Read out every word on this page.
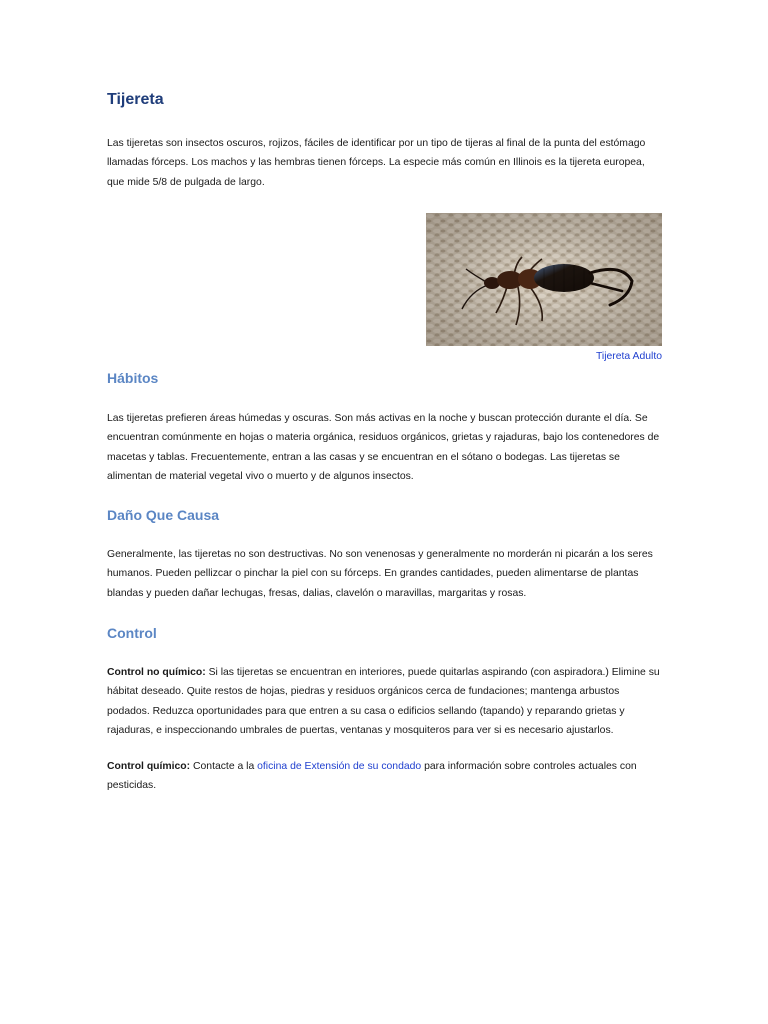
Tijereta

Las tijeretas son insectos oscuros, rojizos, fáciles de identificar por un tipo de tijeras al final de la punta del estómago llamadas fórceps. Los machos y las hembras tienen fórceps. La especie más común en Illinois es la tijereta europea, que mide 5/8 de pulgada de largo.

Tijereta Adulto
Hábitos

Las tijeretas prefieren áreas húmedas y oscuras. Son más activas en la noche y buscan protección durante el día. Se encuentran comúnmente en hojas o materia orgánica, residuos orgánicos, grietas y rajaduras, bajo los contenedores de macetas y tablas. Frecuentemente, entran a las casas y se encuentran en el sótano o bodegas. Las tijeretas se alimentan de material vegetal vivo o muerto y de algunos insectos.

Daño Que Causa

Generalmente, las tijeretas no son destructivas. No son venenosas y generalmente no morderán ni picarán a los seres humanos. Pueden pellizcar o pinchar la piel con su fórceps. En grandes cantidades, pueden alimentarse de plantas blandas y pueden dañar lechugas, fresas, dalias, clavelón o maravillas, margaritas y rosas.

Control

Control no químico: Si las tijeretas se encuentran en interiores, puede quitarlas aspirando (con aspiradora.) Elimine su hábitat deseado. Quite restos de hojas, piedras y residuos orgánicos cerca de fundaciones; mantenga arbustos podados. Reduzca oportunidades para que entren a su casa o edificios sellando (tapando) y reparando grietas y rajaduras, e inspeccionando umbrales de puertas, ventanas y mosquiteros para ver si es necesario ajustarlos.

Control químico: Contacte a la oficina de Extensión de su condado para información sobre controles actuales con pesticidas.
